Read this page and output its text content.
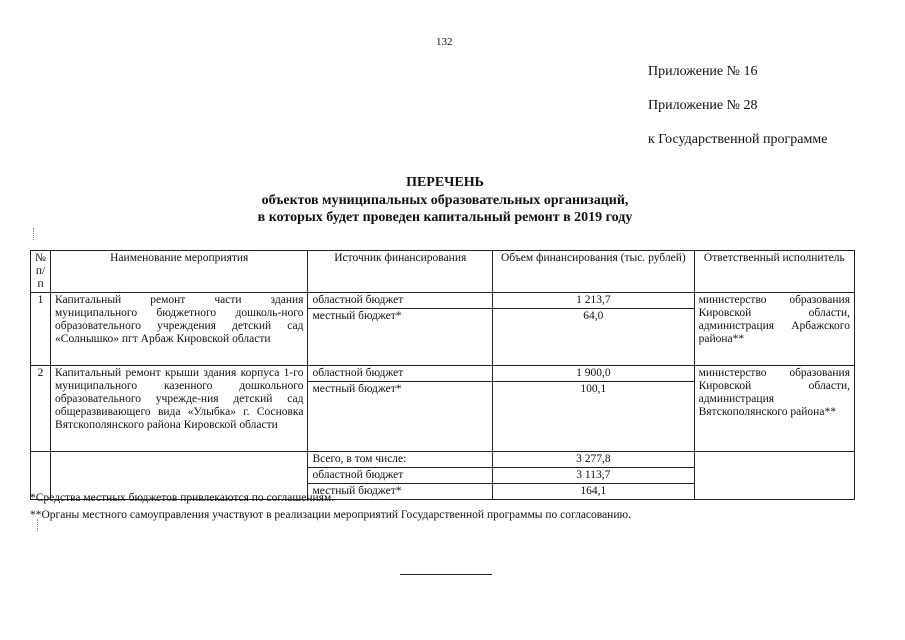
132
Приложение № 16
Приложение № 28
к Государственной программе
ПЕРЕЧЕНЬ
объектов муниципальных образовательных организаций,
в которых будет проведен капитальный ремонт в 2019 году
№ п/п	Наименование мероприятия	Источник финансирования	Объем финансирования (тыс. рублей)	Ответственный исполнитель
1	Капитальный ремонт части здания муниципального бюджетного дошколь-ного образовательного учреждения детский сад «Солнышко» пгт Арбаж Кировской области	областной бюджет	1 213,7	министерство образования Кировской области, администрация Арбажского района**
		местный бюджет*	64,0	
2	Капитальный ремонт крыши здания корпуса 1-го муниципального казенного дошкольного образовательного учрежде-ния детский сад общеразвивающего вида «Улыбка» г. Сосновка Вятскополянского района Кировской области	областной бюджет	1 900,0	министерство образования Кировской области, администрация Вятскополянского района**
		местный бюджет*	100,1	
		Всего, в том числе:	3 277,8	
		областной бюджет	3 113,7	
		местный бюджет*	164,1	
*Средства местных бюджетов привлекаются по соглашениям.
**Органы местного самоуправления участвуют в реализации мероприятий Государственной программы по согласованию.
